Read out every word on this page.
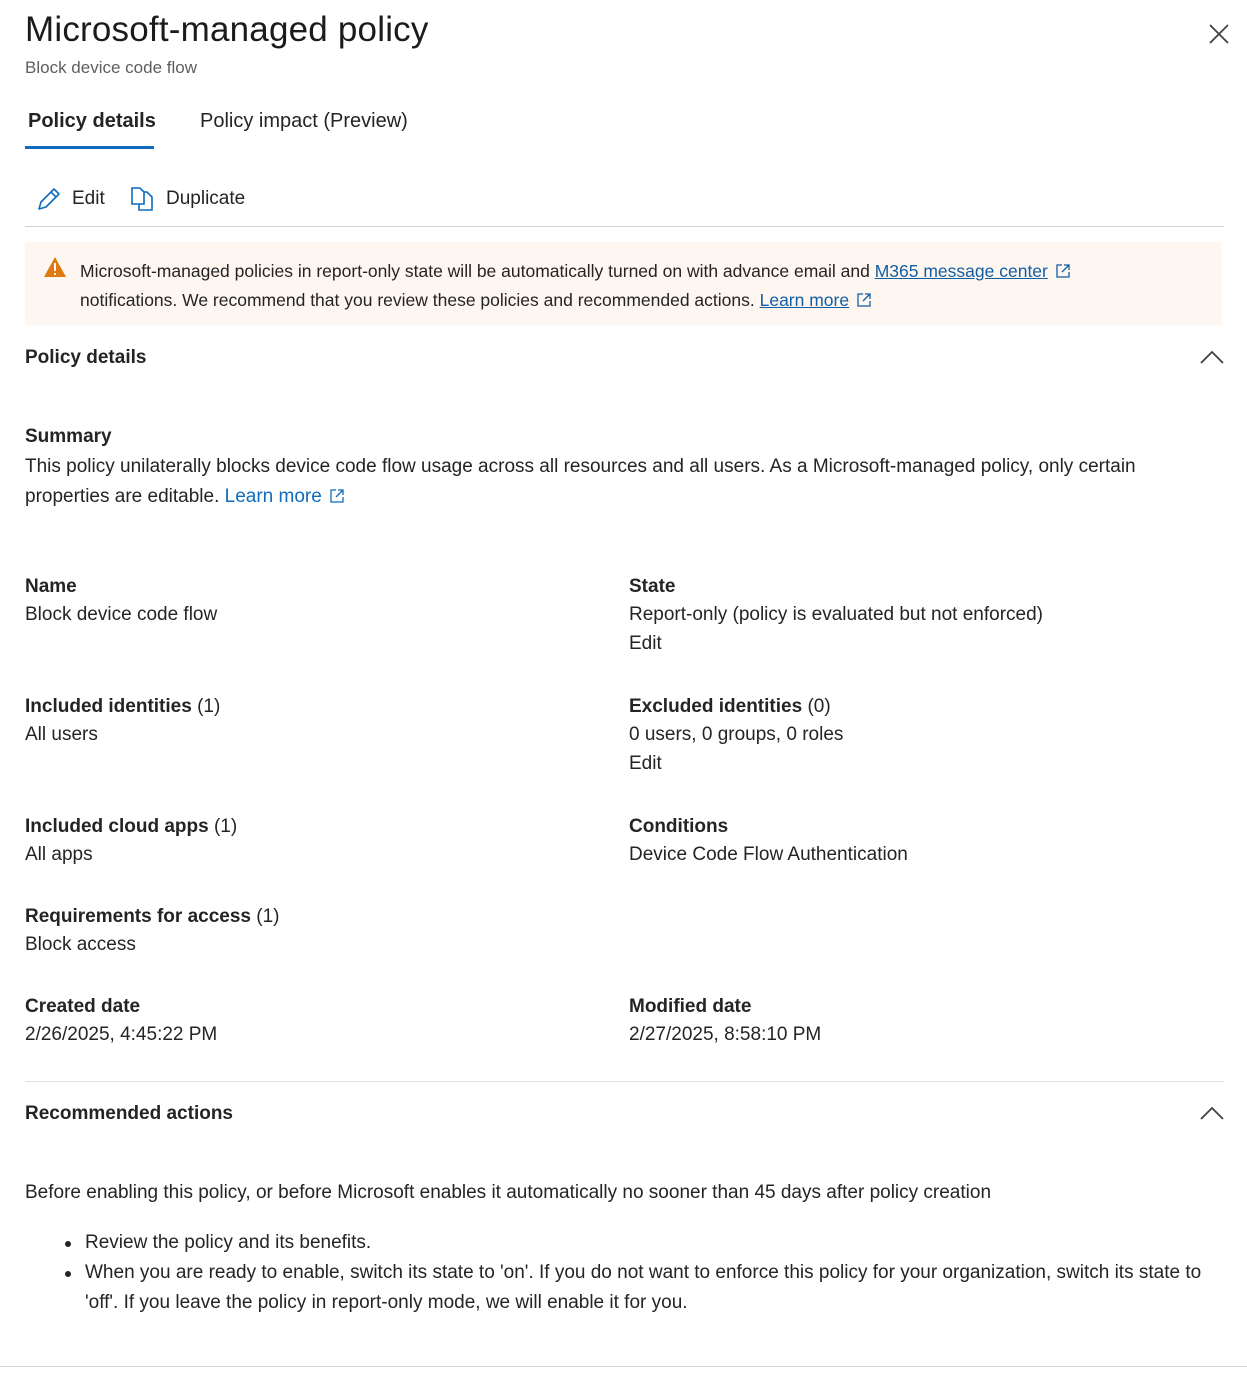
Microsoft-managed policy
Block device code flow
Policy details Policy impact (Preview)
Edit	Duplicate
Microsoft-managed policies in report-only state will be automatically turned on with advance email and M365 message center
notifications. We recommend that you review these policies and recommended actions. Learn more
Policy details
Summary
This policy unilaterally blocks device code flow usage across all resources and all users. As a Microsoft-managed policy, only certain properties are editable. Learn more
Name
Block device code flow
State
Report-only (policy is evaluated but not enforced)
Edit
Included identities (1)
All users
Excluded identities (0)
0 users, 0 groups, 0 roles
Edit
Included cloud apps (1)
All apps
Conditions
Device Code Flow Authentication
Requirements for access (1)
Block access
Created date
2/26/2025, 4:45:22 PM
Modified date
2/27/2025, 8:58:10 PM
Recommended actions
Before enabling this policy, or before Microsoft enables it automatically no sooner than 45 days after policy creation
Review the policy and its benefits.
When you are ready to enable, switch its state to 'on'. If you do not want to enforce this policy for your organization, switch its state to 'off'. If you leave the policy in report-only mode, we will enable it for you.
